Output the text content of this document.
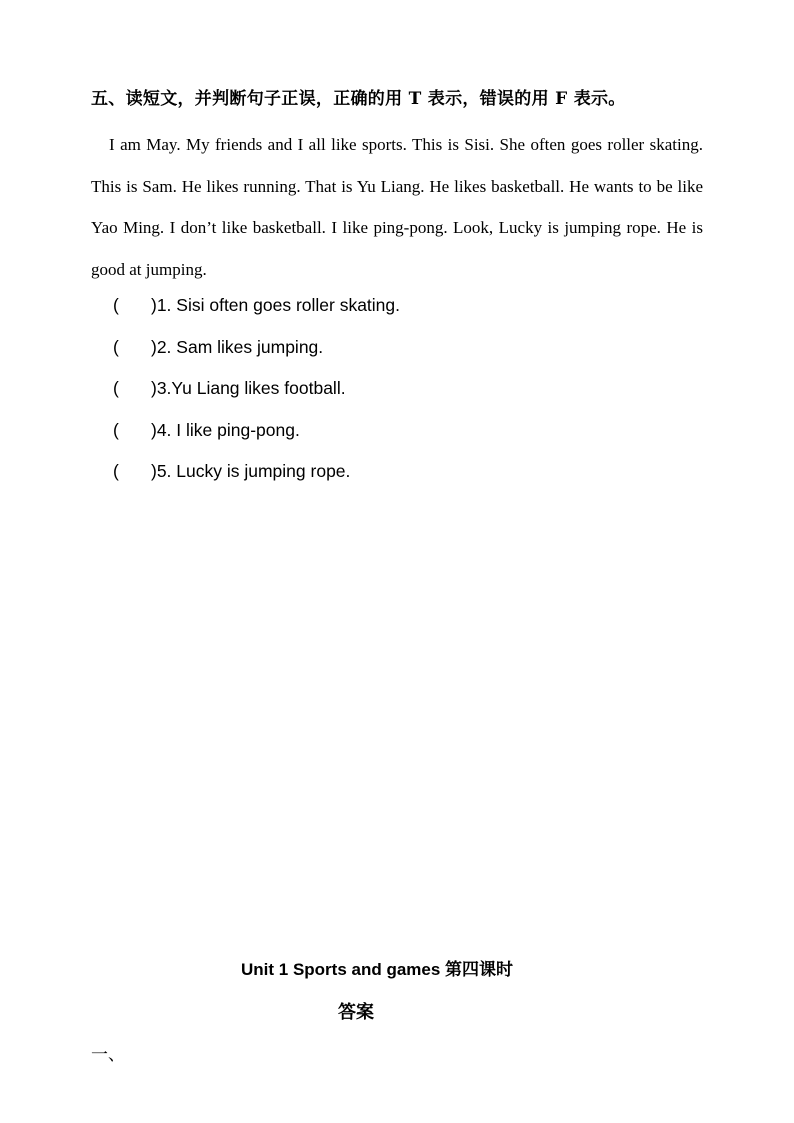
五、读短文，并判断句子正误，正确的用 T 表示，错误的用 F 表示。

I am May. My friends and I all like sports. This is Sisi. She often goes roller skating. This is Sam. He likes running. That is Yu Liang. He likes basketball. He wants to be like Yao Ming. I don’t like basketball. I like ping-pong. Look, Lucky is jumping rope. He is good at jumping.

(	)1. Sisi often goes roller skating.
(	)2. Sam likes jumping.
(	)3.Yu Liang likes football.
(	)4. I like ping-pong.
(	)5. Lucky is jumping rope.
Unit 1 Sports and games 第四课时
答案
一、
